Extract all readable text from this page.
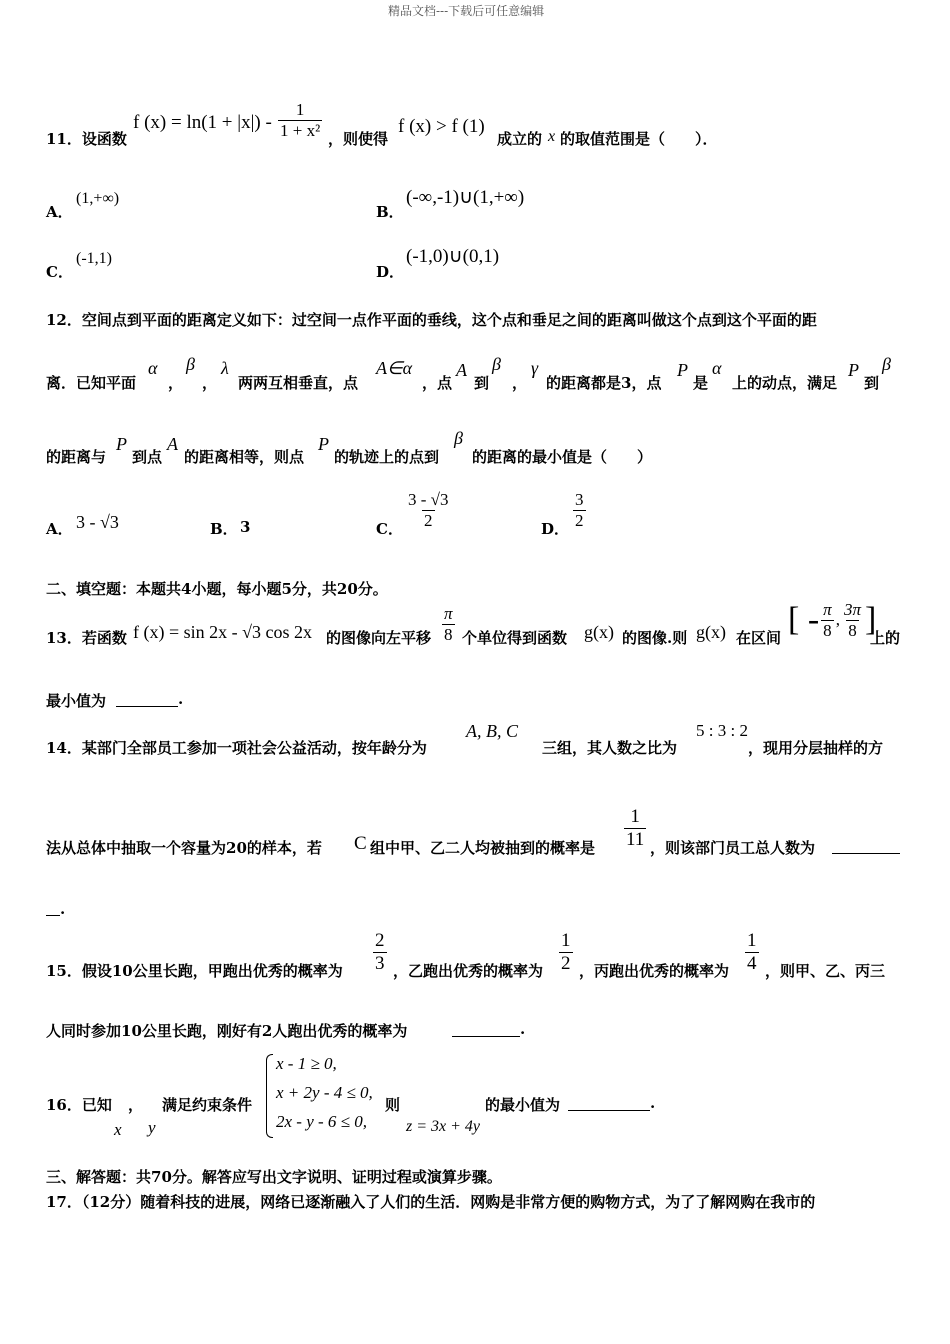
精品文档---下载后可任意编辑
11．设函数
f $(x) = \ln(1 + |x|) - \frac{1}{\text{1 + x²}}$ ，则使得
f (x) > f (1)
成立的 x 的取值范围是（　　）．
A．
(1,+∞)
B．
(-∞,-1)∪(1,+∞)
C．
(-1,1)
D．
(-1,0)∪(0,1)
12．空间点到平面的距离定义如下：过空间一点作平面的垂线，这个点和垂足之间的距离叫做这个点到这个平面的距
离．已知平面
α
，
β
，
λ
两两互相垂直，点
A∈α
，点
A
到
β
，
γ
的距离都是3，点
P
是
α
上的动点，满足
P
到
β
的距离与
P
到点
A
的距离相等，则点
P
的轨迹上的点到
β
的距离的最小值是（　　）
A． 3 - √3	B． 3	C． $\frac{3 - √3}{2}$	D． $\frac{3}{2}$
二、填空题：本题共4小题，每小题5分，共20分。
13．若函数 f (x) = sin 2x - √3 cos 2x 的图像向左平移 $\frac{\pi}{8}$ 个单位得到函数 g(x) 的图像.则 g(x) 在区间 [ - $\frac{\pi}{8}$ , $\frac{3\pi}{8}$ ]
上的
最小值为	.
14．某部门全部员工参加一项社会公益活动，按年龄分为
A, B, C
三组，其人数之比为
5 : 3 : 2
，现用分层抽样的方
法从总体中抽取一个容量为20的样本，若 C 组中甲、乙二人均被抽到的概率是 $\frac{1}{11}$ ，则该部门员工总人数为
.
15．假设10公里长跑，甲跑出优秀的概率为 $\frac{2}{3}$ ，乙跑出优秀的概率为 $\frac{1}{2}$ ，丙跑出优秀的概率为 $\frac{1}{4}$ ，则甲、乙、丙三
人同时参加10公里长跑，刚好有2人跑出优秀的概率为	.
16．已知 ， 满足约束条件
x y
x - 1 ≥ 0,
x + 2y - 4 ≤ 0,
2x - y - 6 ≤ 0,
则
z = 3x + 4y
的最小值为	.
三、解答题：共70分。解答应写出文字说明、证明过程或演算步骤。
17．（12分）随着科技的进展，网络已逐渐融入了人们的生活．网购是非常方便的购物方式，为了了解网购在我市的
